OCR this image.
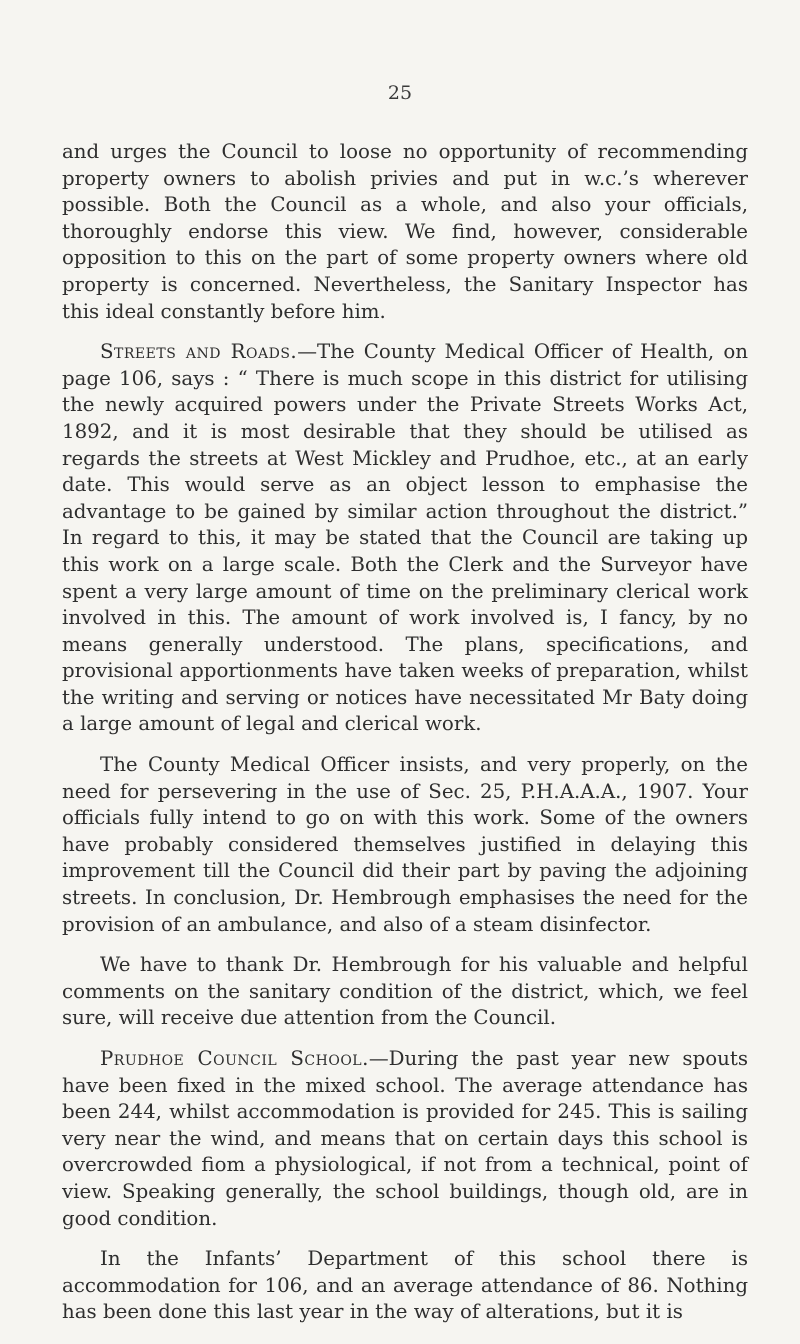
25

and urges the Council to loose no opportunity of recommending property owners to abolish privies and put in w.c.’s wherever possible. Both the Council as a whole, and also your officials, thoroughly endorse this view. We find, however, considerable opposition to this on the part of some property owners where old property is concerned. Nevertheless, the Sanitary Inspector has this ideal constantly before him.

Streets and Roads.—The County Medical Officer of Health, on page 106, says : “ There is much scope in this district for utilising the newly acquired powers under the Private Streets Works Act, 1892, and it is most desirable that they should be utilised as regards the streets at West Mickley and Prudhoe, etc., at an early date. This would serve as an object lesson to emphasise the advantage to be gained by similar action throughout the district.” In regard to this, it may be stated that the Council are taking up this work on a large scale. Both the Clerk and the Surveyor have spent a very large amount of time on the preliminary clerical work involved in this. The amount of work involved is, I fancy, by no means generally understood. The plans, specifications, and provisional apportionments have taken weeks of preparation, whilst the writing and serving or notices have necessitated Mr Baty doing a large amount of legal and clerical work.

The County Medical Officer insists, and very properly, on the need for persevering in the use of Sec. 25, P.H.A.A.A., 1907. Your officials fully intend to go on with this work. Some of the owners have probably considered themselves justified in delaying this improvement till the Council did their part by paving the adjoining streets. In conclusion, Dr. Hembrough emphasises the need for the provision of an ambulance, and also of a steam disinfector.

We have to thank Dr. Hembrough for his valuable and helpful comments on the sanitary condition of the district, which, we feel sure, will receive due attention from the Council.

Prudhoe Council School.—During the past year new spouts have been fixed in the mixed school. The average attendance has been 244, whilst accommodation is provided for 245. This is sailing very near the wind, and means that on certain days this school is overcrowded fiom a physiological, if not from a technical, point of view. Speaking generally, the school buildings, though old, are in good condition.

In the Infants’ Department of this school there is accommodation for 106, and an average attendance of 86. Nothing has been done this last year in the way of alterations, but it is
